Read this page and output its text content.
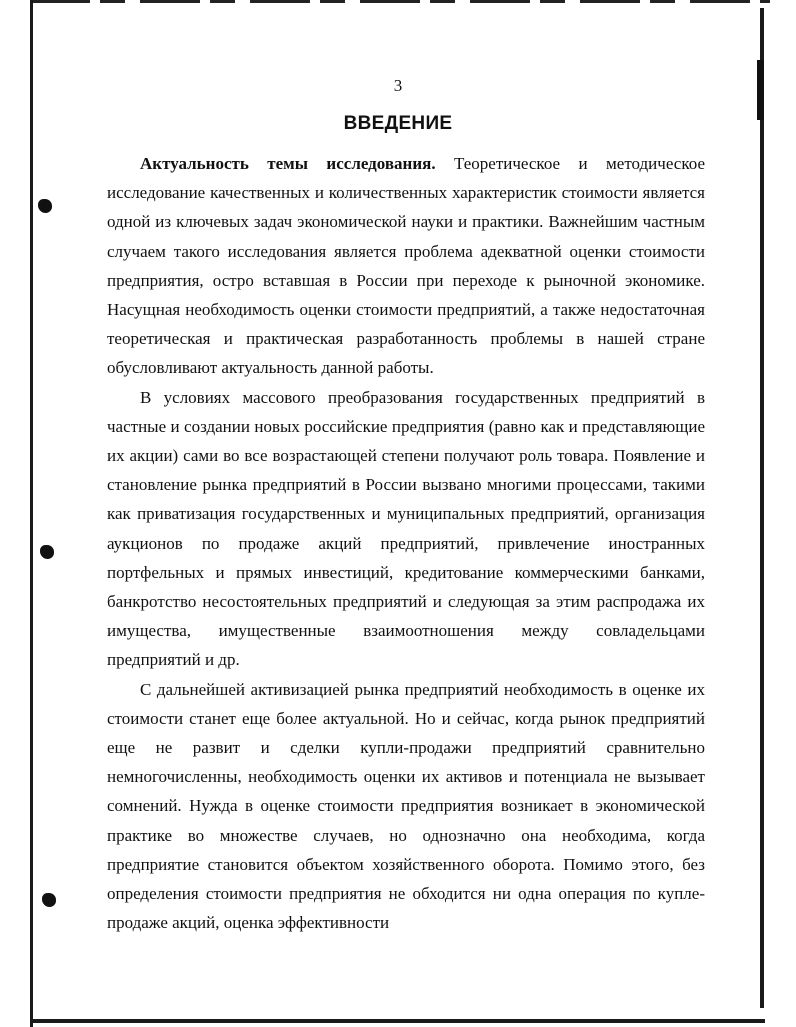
3
ВВЕДЕНИЕ

Актуальность темы исследования. Теоретическое и методическое исследование качественных и количественных характеристик стоимости является одной из ключевых задач экономической науки и практики. Важнейшим частным случаем такого исследования является проблема адекватной оценки стоимости предприятия, остро вставшая в России при переходе к рыночной экономике. Насущная необходимость оценки стоимости предприятий, а также недостаточная теоретическая и практическая разработанность проблемы в нашей стране обусловливают актуальность данной работы.

В условиях массового преобразования государственных предприятий в частные и создании новых российские предприятия (равно как и представляющие их акции) сами во все возрастающей степени получают роль товара. Появление и становление рынка предприятий в России вызвано многими процессами, такими как приватизация государственных и муниципальных предприятий, организация аукционов по продаже акций предприятий, привлечение иностранных портфельных и прямых инвестиций, кредитование коммерческими банками, банкротство несостоятельных предприятий и следующая за этим распродажа их имущества, имущественные взаимоотношения между совладельцами предприятий и др.

С дальнейшей активизацией рынка предприятий необходимость в оценке их стоимости станет еще более актуальной. Но и сейчас, когда рынок предприятий еще не развит и сделки купли-продажи предприятий сравнительно немногочисленны, необходимость оценки их активов и потенциала не вызывает сомнений. Нужда в оценке стоимости предприятия возникает в экономической практике во множестве случаев, но однозначно она необходима, когда предприятие становится объектом хозяйственного оборота. Помимо этого, без определения стоимости предприятия не обходится ни одна операция по купле-продаже акций, оценка эффективности
